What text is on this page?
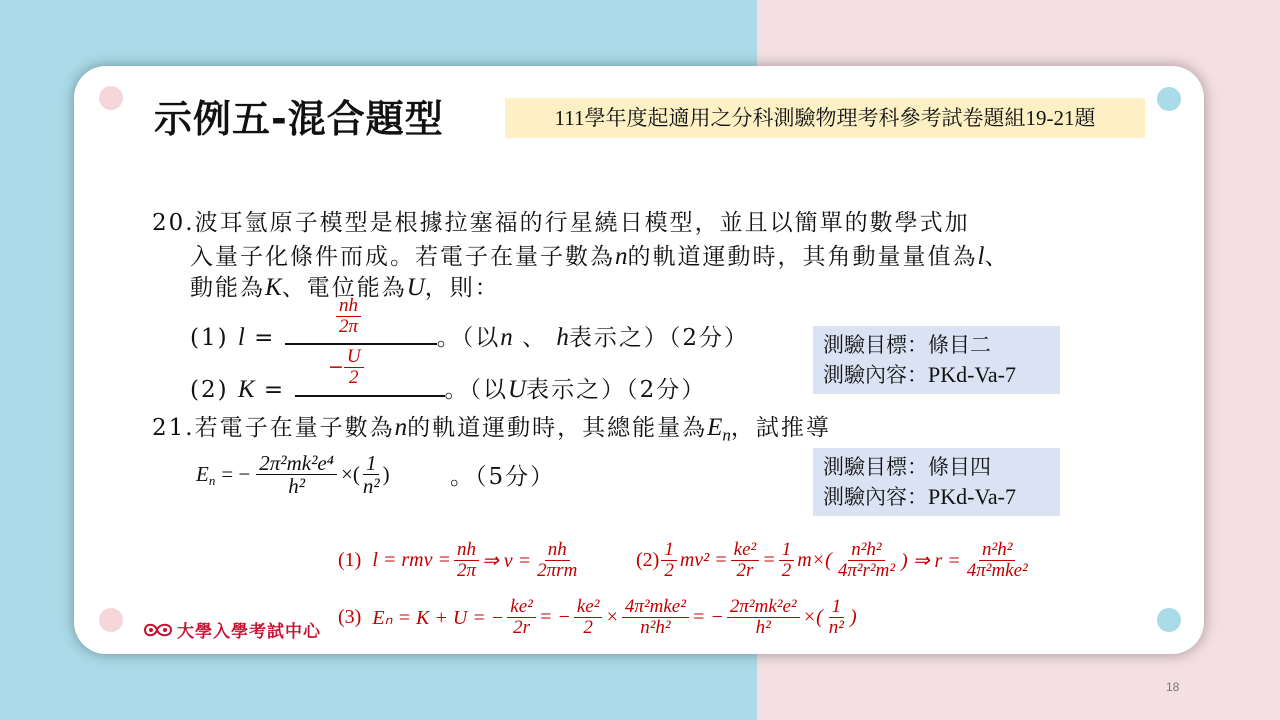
示例五-混合題型	111學年度起適用之分科測驗物理考科參考試卷題組19-21題
20.波耳氫原子模型是根據拉塞福的行星繞日模型，並且以簡單的數學式加
入量子化條件而成。若電子在量子數為n的軌道運動時，其角動量量值為l、
動能為K、電位能為U，則：
(1) l =	。（以n 、 h表示之）（2分）
$\frac{nh}{2\pi}$
(2) K =	。（以U表示之）（2分）
− $\frac{U}{2}$
測驗目標：條目二
測驗內容：PKd-Va-7
測驗目標：條目四
測驗內容：PKd-Va-7
21.若電子在量子數為n的軌道運動時，其總能量為$E_n$，試推導
E n = − $\frac{\text{2π²mk²e⁴}}{\text{h²}}$ ×( $\frac{1}{\text{n²}}$ )	。（5分）
(1) l = rmv = $\frac{nh}{2\pi}$ ⇒ $v = \frac{nh}{\text{2πrm}}$	$(2) \frac{1}{2} mv^2 = \frac{\text{ke²}}{2r} = \frac{1}{2} m\times( \frac{\text{n²h²}}{\text{4π²r²m²}}$ ) ⇒ $r = \frac{\text{n²h²}}{\text{4π²mke²}}$
(3) Eₙ = K + U = − $\frac{\text{ke²}}{2r}$ = − $\frac{\text{ke²}}{2} \times \frac{\text{4π²mke²}}{\text{n²h²}}$ = − $\frac{\text{2π²mk²e²}}{\text{h²}}$ ×( $\frac{1}{\text{n²}}$ )
大學入學考試中心
18
